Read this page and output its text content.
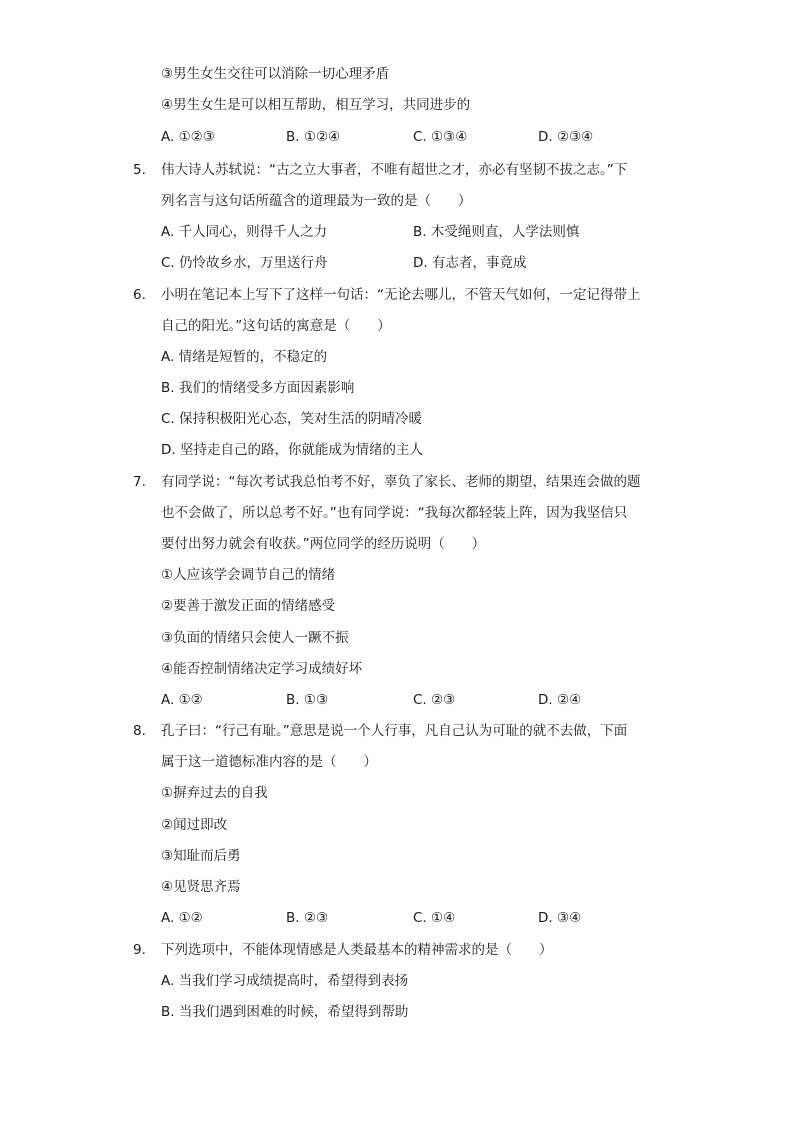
③男生女生交往可以消除一切心理矛盾
④男生女生是可以相互帮助，相互学习，共同进步的
A. ①②③	B. ①②④	C. ①③④	D. ②③④
5. 伟大诗人苏轼说：“古之立大事者，不唯有超世之才，亦必有坚韧不拔之志。”下
列名言与这句话所蕴含的道理最为一致的是（　　）
A. 千人同心，则得千人之力	B. 木受绳则直，人学法则慎
C. 仍怜故乡水，万里送行舟	D. 有志者，事竟成
6. 小明在笔记本上写下了这样一句话：“无论去哪儿，不管天气如何，一定记得带上
自己的阳光。”这句话的寓意是（　　）
A. 情绪是短暂的，不稳定的
B. 我们的情绪受多方面因素影响
C. 保持积极阳光心态，笑对生活的阴晴冷暖
D. 坚持走自己的路，你就能成为情绪的主人
7. 有同学说：“每次考试我总怕考不好，辜负了家长、老师的期望，结果连会做的题
也不会做了，所以总考不好。”也有同学说：“我每次都轻装上阵，因为我坚信只
要付出努力就会有收获。”两位同学的经历说明（　　）
①人应该学会调节自己的情绪
②要善于激发正面的情绪感受
③负面的情绪只会使人一蹶不振
④能否控制情绪决定学习成绩好坏
A. ①②	B. ①③	C. ②③	D. ②④
8. 孔子曰：“行己有耻。”意思是说一个人行事，凡自己认为可耻的就不去做，下面
属于这一道德标准内容的是（　　）
①摒弃过去的自我
②闻过即改
③知耻而后勇
④见贤思齐焉
A. ①②	B. ②③	C. ①④	D. ③④
9. 下列选项中，不能体现情感是人类最基本的精神需求的是（　　）
A. 当我们学习成绩提高时，希望得到表扬
B. 当我们遇到困难的时候，希望得到帮助
